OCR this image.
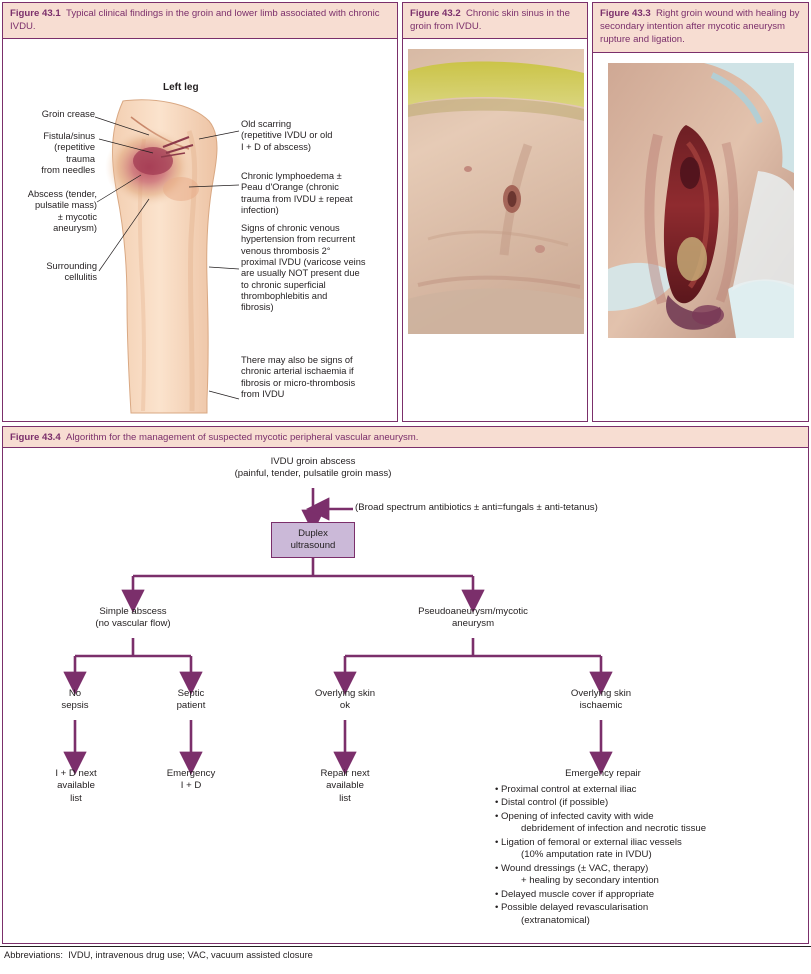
Figure 43.1 Typical clinical findings in the groin and lower limb associated with chronic IVDU.
Left leg
Groin crease
Fistula/sinus
(repetitive
trauma
from needles
Abscess (tender,
pulsatile mass)
± mycotic
aneurysm)
Surrounding
cellulitis
Old scarring
(repetitive IVDU or old
I + D of abscess)
Chronic lymphoedema ±
Peau d'Orange (chronic
trauma from IVDU ± repeat
infection)
Signs of chronic venous
hypertension from recurrent
venous thrombosis 2°
proximal IVDU (varicose veins
are usually NOT present due
to chronic superficial
thrombophlebitis and
fibrosis)
There may also be signs of
chronic arterial ischaemia if
fibrosis or micro-thrombosis
from IVDU
Figure 43.2 Chronic skin sinus in the groin from IVDU.
Figure 43.3 Right groin wound with healing by secondary intention after mycotic aneurysm rupture and ligation.
Figure 43.4 Algorithm for the management of suspected mycotic peripheral vascular aneurysm.
IVDU groin abscess
(painful, tender, pulsatile groin mass)
(Broad spectrum antibiotics ± anti=fungals ± anti-tetanus)
Duplex
ultrasound
Simple abscess
(no vascular flow)
Pseudoaneurysm/mycotic
aneurysm
No
sepsis
Septic
patient
Overlying skin
ok
Overlying skin
ischaemic
I + D next
available
list
Emergency
I + D
Repair next
available
list
Emergency repair
• Proximal control at external iliac
• Distal control (if possible)
• Opening of infected cavity with wide
debridement of infection and necrotic tissue
• Ligation of femoral or external iliac vessels
(10% amputation rate in IVDU)
• Wound dressings (± VAC, therapy)
+ healing by secondary intention
• Delayed muscle cover if appropriate
• Possible delayed revascularisation
(extranatomical)
Abbreviations: IVDU, intravenous drug use; VAC, vacuum assisted closure
